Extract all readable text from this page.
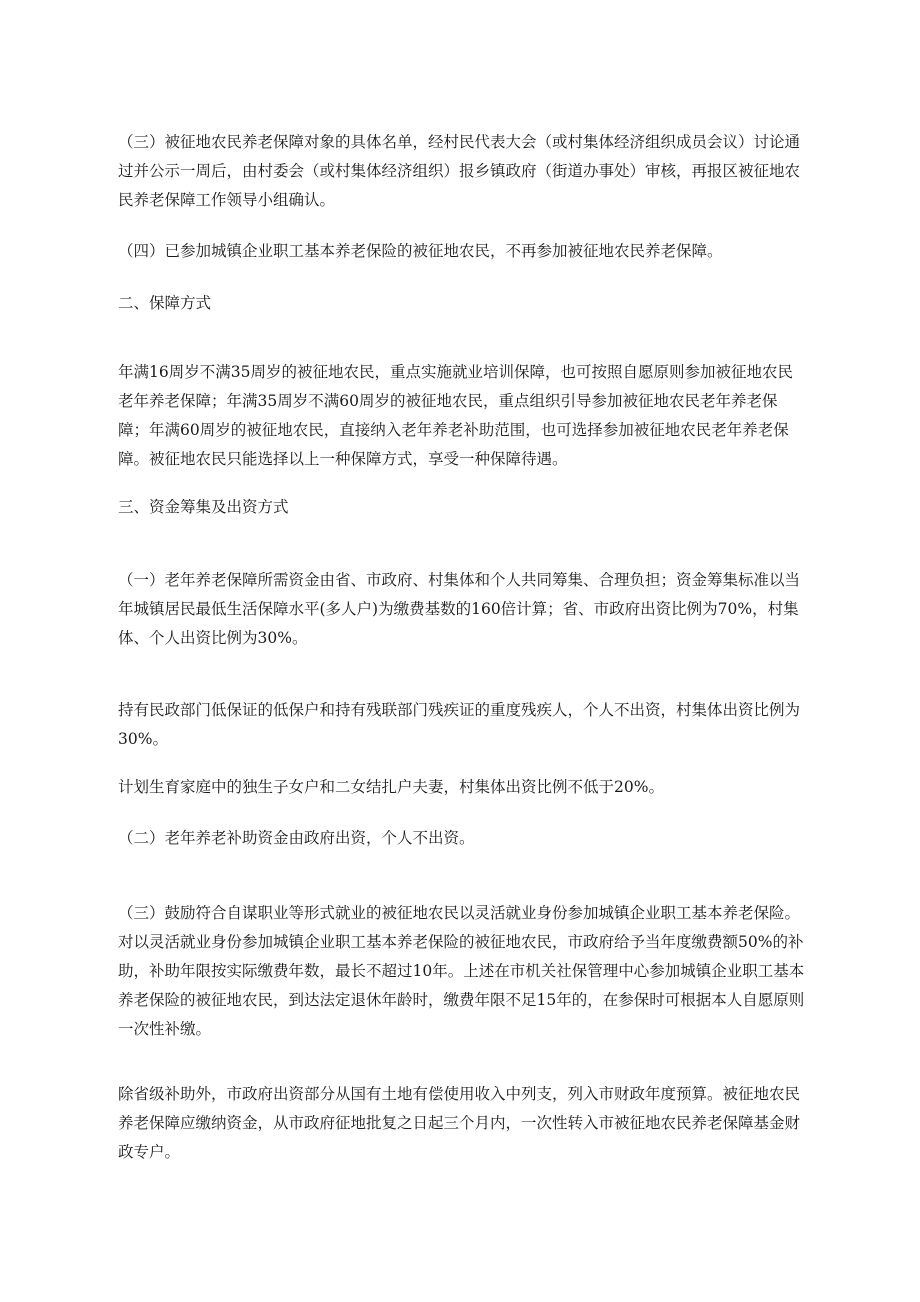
（三）被征地农民养老保障对象的具体名单，经村民代表大会（或村集体经济组织成员会议）讨论通过并公示一周后，由村委会（或村集体经济组织）报乡镇政府（街道办事处）审核，再报区被征地农民养老保障工作领导小组确认。

（四）已参加城镇企业职工基本养老保险的被征地农民，不再参加被征地农民养老保障。

二、保障方式

年满16周岁不满35周岁的被征地农民，重点实施就业培训保障，也可按照自愿原则参加被征地农民老年养老保障；年满35周岁不满60周岁的被征地农民，重点组织引导参加被征地农民老年养老保障；年满60周岁的被征地农民，直接纳入老年养老补助范围，也可选择参加被征地农民老年养老保障。被征地农民只能选择以上一种保障方式，享受一种保障待遇。

三、资金筹集及出资方式

（一）老年养老保障所需资金由省、市政府、村集体和个人共同筹集、合理负担；资金筹集标准以当年城镇居民最低生活保障水平(多人户)为缴费基数的160倍计算；省、市政府出资比例为70%，村集体、个人出资比例为30%。

持有民政部门低保证的低保户和持有残联部门残疾证的重度残疾人，个人不出资，村集体出资比例为30%。

计划生育家庭中的独生子女户和二女结扎户夫妻，村集体出资比例不低于20%。

（二）老年养老补助资金由政府出资，个人不出资。

（三）鼓励符合自谋职业等形式就业的被征地农民以灵活就业身份参加城镇企业职工基本养老保险。对以灵活就业身份参加城镇企业职工基本养老保险的被征地农民，市政府给予当年度缴费额50%的补助，补助年限按实际缴费年数，最长不超过10年。上述在市机关社保管理中心参加城镇企业职工基本养老保险的被征地农民，到达法定退休年龄时，缴费年限不足15年的，在参保时可根据本人自愿原则一次性补缴。

除省级补助外，市政府出资部分从国有土地有偿使用收入中列支，列入市财政年度预算。被征地农民养老保障应缴纳资金，从市政府征地批复之日起三个月内，一次性转入市被征地农民养老保障基金财政专户。
